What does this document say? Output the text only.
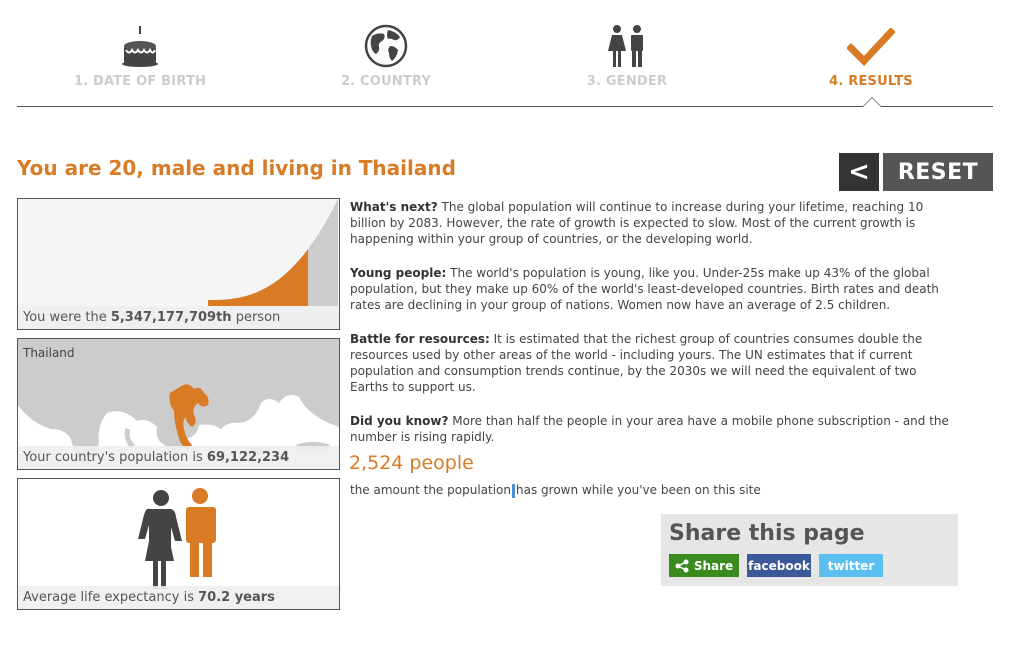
1. DATE OF BIRTH	2. COUNTRY	3. GENDER	4. RESULTS
You are 20, male and living in Thailand	<	RESET
You were the 5,347,177,709th person
Thailand
Your country's population is 69,122,234
Average life expectancy is 70.2 years

What's next? The global population will continue to increase during your lifetime, reaching 10 billion by 2083. However, the rate of growth is expected to slow. Most of the current growth is happening within your group of countries, or the developing world.

Young people: The world's population is young, like you. Under-25s make up 43% of the global population, but they make up 60% of the world's least-developed countries. Birth rates and death rates are declining in your group of nations. Women now have an average of 2.5 children.

Battle for resources: It is estimated that the richest group of countries consumes double the resources used by other areas of the world - including yours. The UN estimates that if current population and consumption trends continue, by the 2030s we will need the equivalent of two Earths to support us.

Did you know? More than half the people in your area have a mobile phone subscription - and the number is rising rapidly.

2,524 people
the amount the population has grown while you've been on this site
Share this page
Share facebook	twitter
